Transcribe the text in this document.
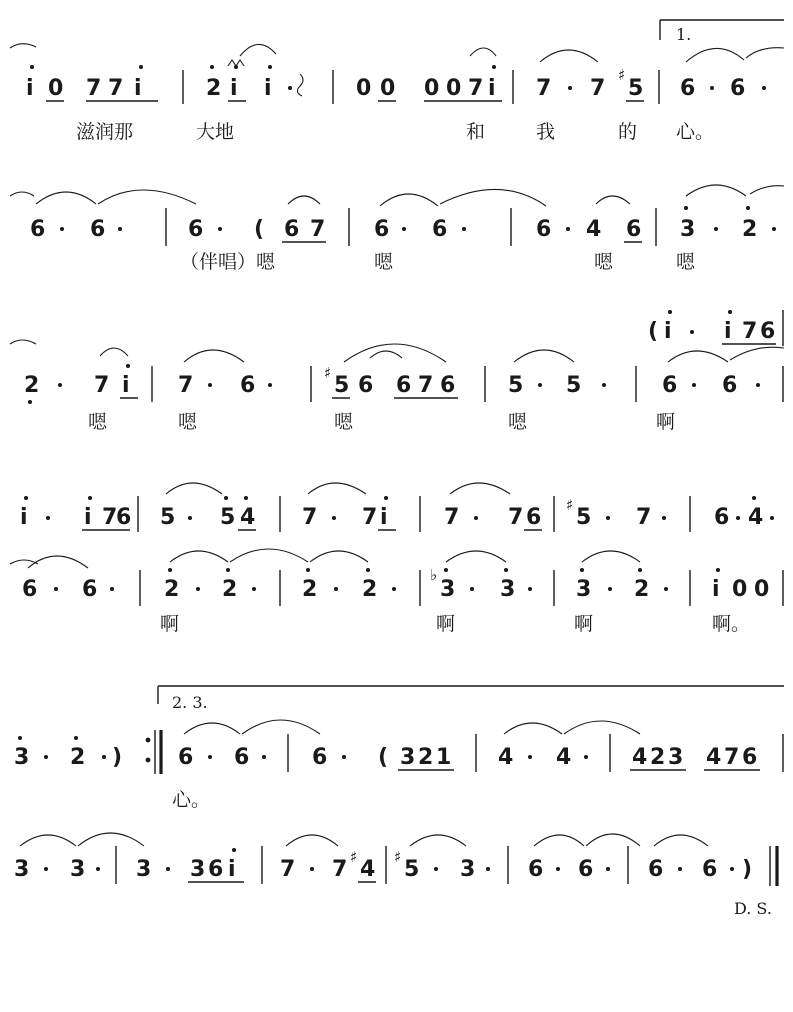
i 0 7 7 i	2 i i	0 0 0 0 7 i 7 7
♯
5
1.
6 6
滋润那	大地	和	我	的 心。
6 6	6 ( 6 7 6 6	6 4 6 3 2
（伴唱）嗯	嗯	嗯	嗯
( i i 7 6
2 7 i 7 6	♯ 5 6 6 7 6 5 5	6 6
嗯	嗯	嗯	嗯	啊
i	i 7
6 5 5 4 7 7 i	7 7 6 ♯ 5 7	6 4
6 6	2 2	2 2
♭
3 3	3 2	i 0 0
啊	啊	啊	啊。
2. 3.
3 2 )	6 6	6 ( 3 2 1 4 4	4 2 3 4 7 6
心。
3 3 3 3 6 i 7 7 ♯ 4 ♯ 5 3 6 6 6 6 )
D. S.
